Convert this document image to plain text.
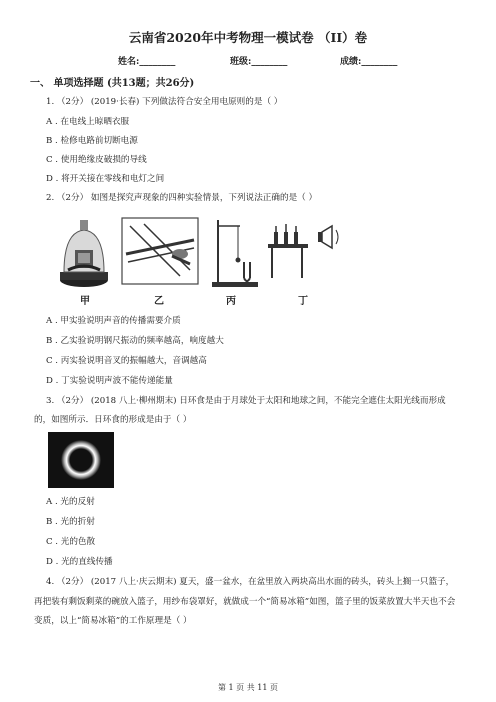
云南省2020年中考物理一模试卷 （II）卷
姓名:________	班级:________	成绩:________
一、 单项选择题 (共13题；共26分)
1. （2分） (2019·长春) 下列做法符合安全用电原则的是（ ）
A . 在电线上晾晒衣服
B . 检修电路前切断电源
C . 使用绝缘皮破损的导线
D . 将开关接在零线和电灯之间
2. （2分） 如图是探究声现象的四种实验情景，下列说法正确的是（ ）
甲	乙	丙	丁
A . 甲实验说明声音的传播需要介质
B . 乙实验说明钢尺振动的频率越高，响度越大
C . 丙实验说明音叉的振幅越大，音调越高
D . 丁实验说明声波不能传递能量
3. （2分） (2018 八上·柳州期末) 日环食是由于月球处于太阳和地球之间，不能完全遮住太阳光线而形成
的，如图所示．日环食的形成是由于（ ）
A . 光的反射
B . 光的折射
C . 光的色散
D . 光的直线传播
4. （2分） (2017 八上·庆云期末) 夏天，盛一盆水，在盆里放入两块高出水面的砖头，砖头上搁一只篮子，
再把装有剩饭剩菜的碗放入篮子，用纱布袋罩好，就做成一个“简易冰箱”如图，篮子里的饭菜放置大半天也不会
变质，以上“简易冰箱”的工作原理是（ ）
第 1 页 共 11 页
